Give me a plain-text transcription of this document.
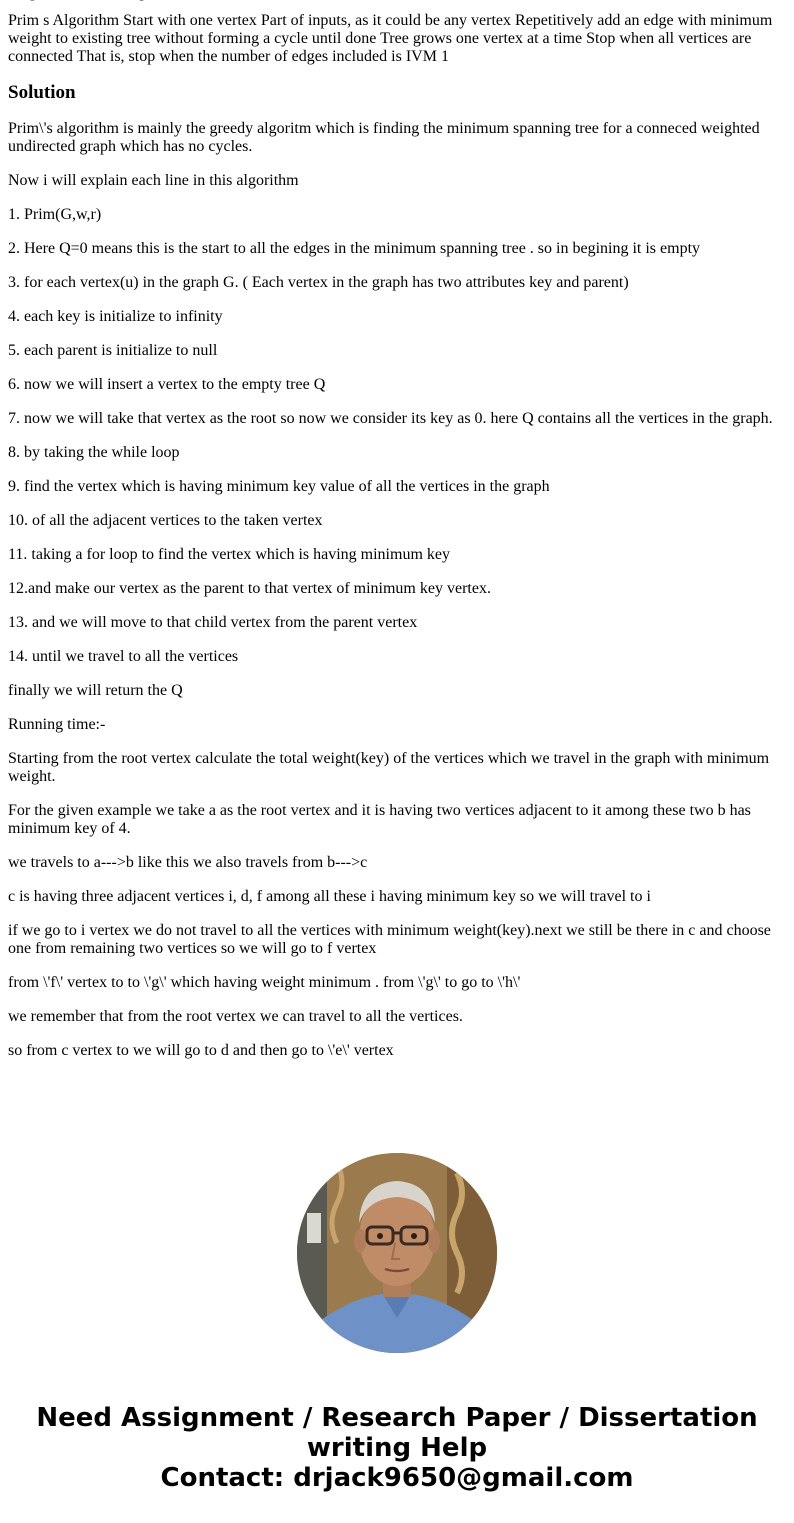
Prim s Algorithm Start with one vertex Part of inputs, as it could be any vertex Repetitively add an edge with minimum weight to existing tree without forming a cycle until done Tree grows one vertex at a time Stop when all vertices are connected That is, stop when the number of edges included is IVM 1

Solution

Prim\'s algorithm is mainly the greedy algoritm which is finding the minimum spanning tree for a conneced weighted undirected graph which has no cycles.

Now i will explain each line in this algorithm

1. Prim(G,w,r)

2. Here Q=0 means this is the start to all the edges in the minimum spanning tree . so in begining it is empty

3. for each vertex(u) in the graph G. ( Each vertex in the graph has two attributes key and parent)

4. each key is initialize to infinity

5. each parent is initialize to null

6. now we will insert a vertex to the empty tree Q

7. now we will take that vertex as the root so now we consider its key as 0. here Q contains all the vertices in the graph.

8. by taking the while loop

9. find the vertex which is having minimum key value of all the vertices in the graph

10. of all the adjacent vertices to the taken vertex

11. taking a for loop to find the vertex which is having minimum key

12.and make our vertex as the parent to that vertex of minimum key vertex.

13. and we will move to that child vertex from the parent vertex

14. until we travel to all the vertices

finally we will return the Q

Running time:-

Starting from the root vertex calculate the total weight(key) of the vertices which we travel in the graph with minimum weight.

For the given example we take a as the root vertex and it is having two vertices adjacent to it among these two b has minimum key of 4.

we travels to a--->b like this we also travels from b--->c

c is having three adjacent vertices i, d, f among all these i having minimum key so we will travel to i

if we go to i vertex we do not travel to all the vertices with minimum weight(key).next we still be there in c and choose one from remaining two vertices so we will go to f vertex

from \'f\' vertex to to \'g\' which having weight minimum . from \'g\' to go to \'h\'

we remember that from the root vertex we can travel to all the vertices.

so from c vertex to we will go to d and then go to \'e\' vertex

Need Assignment / Research Paper / Dissertation
writing Help
Contact: drjack9650@gmail.com
